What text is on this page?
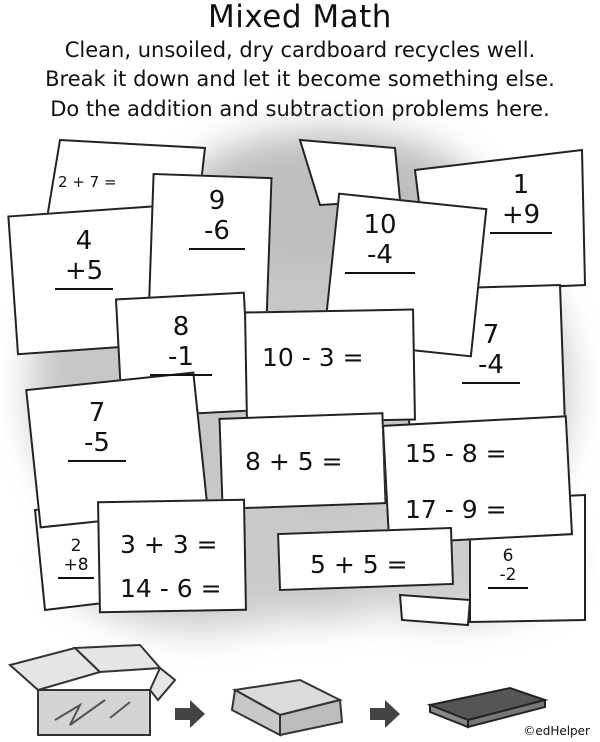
Mixed Math
Clean, unsoiled, dry cardboard recycles well.
Break it down and let it become something else.
Do the addition and subtraction problems here.
2 + 7 =
9
-6
4
+5
10
-4
1
+9
8
-1	10 - 3 =
7
-4
7
-5
8 + 5 = 15 - 8 =
17 - 9 =
2
+8
3 + 3 =
14 - 6 =
5 + 5 =	6
-2
©edHelper
